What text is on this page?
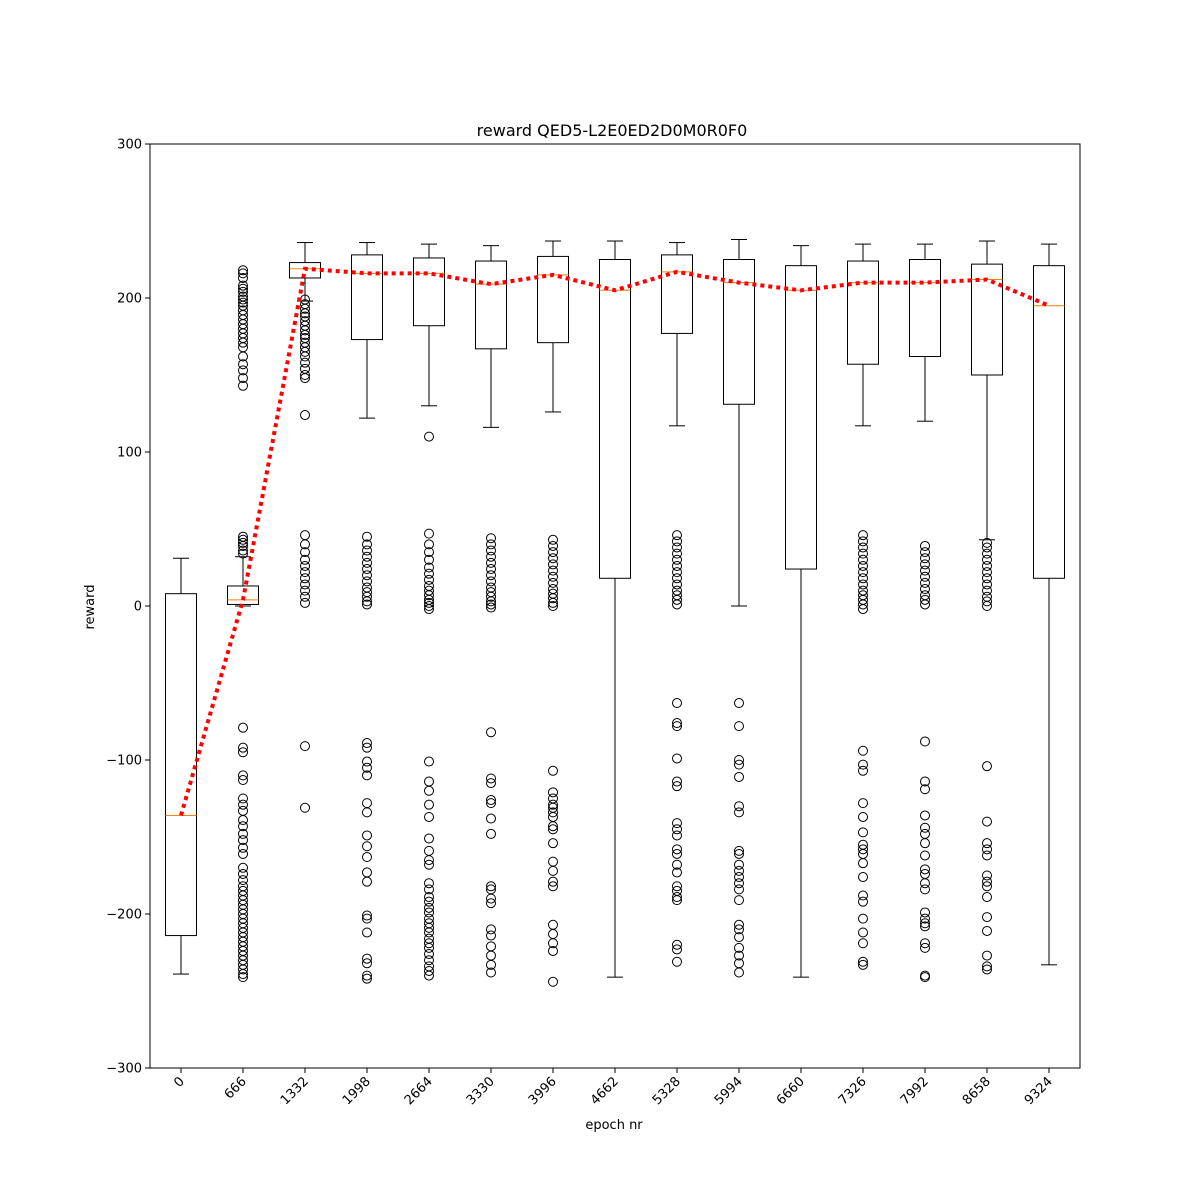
reward QED5-L2E0ED2D0M0R0F0
epoch nr
reward
−300
−200
−100
0
100
200
300
0	666 1332 1998 2664 3330 3996 4662 5328 5994 6660 7326 7992 8658 9324
